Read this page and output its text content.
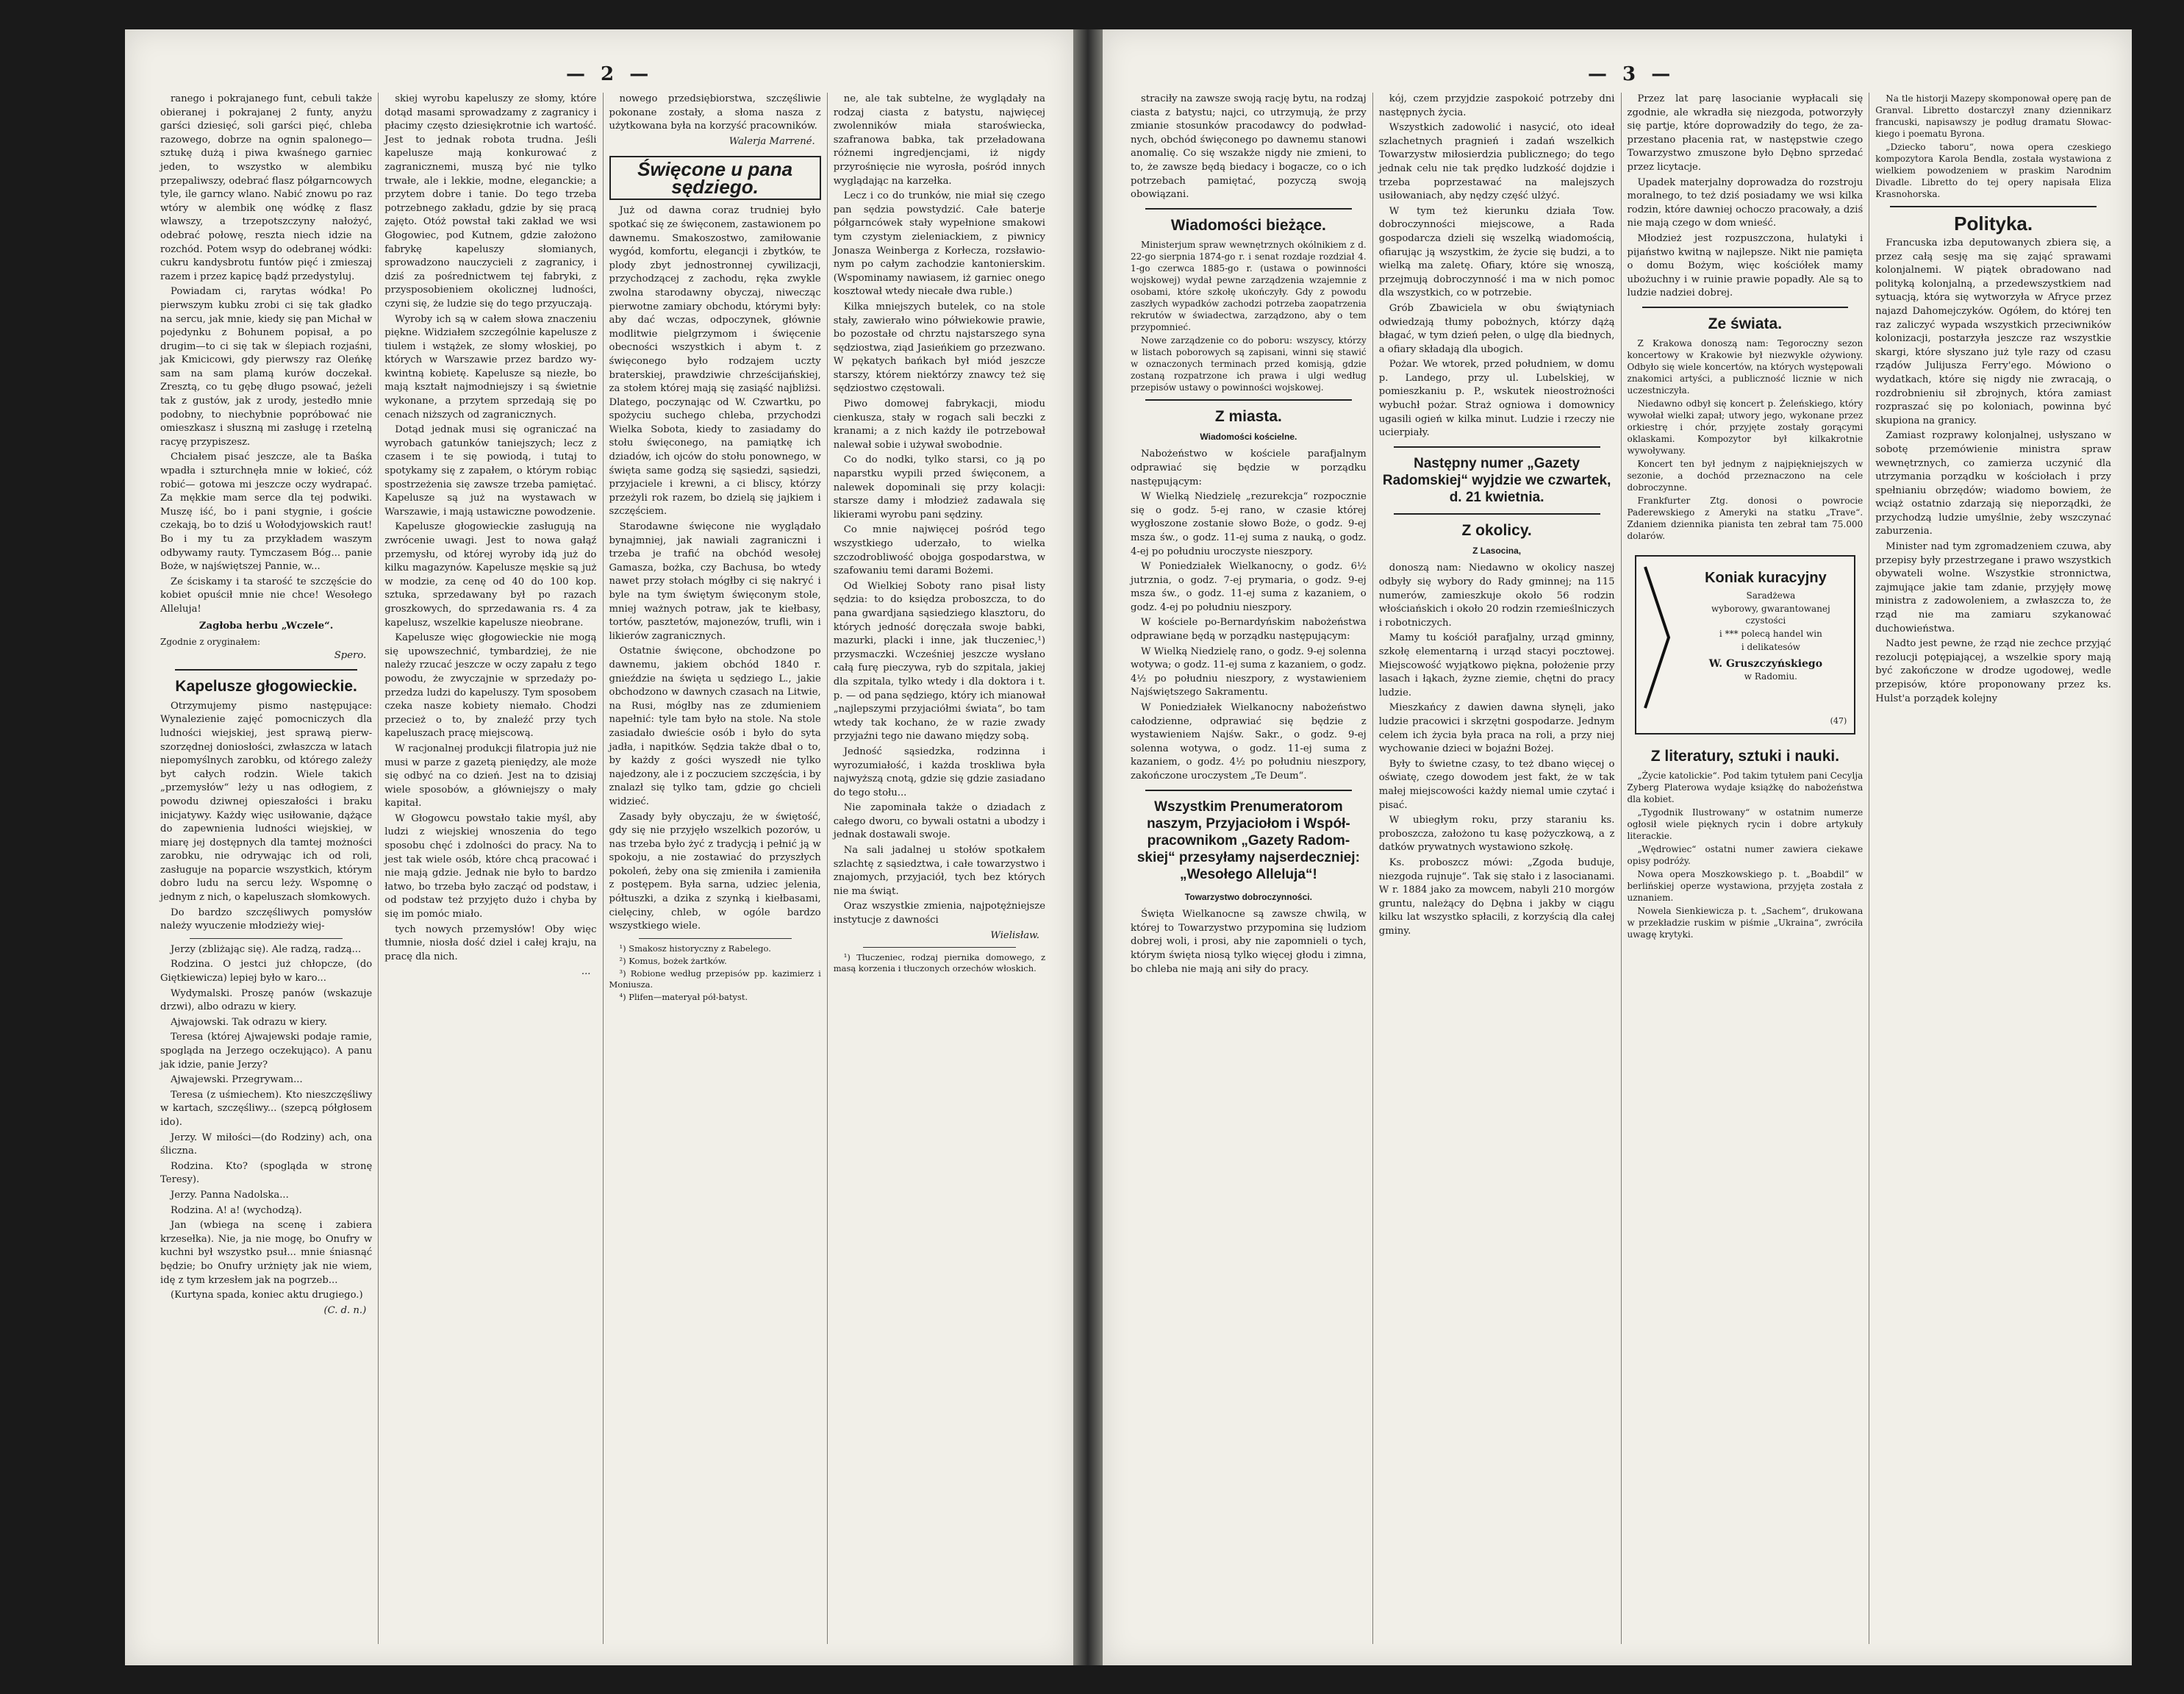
— 2 —

ranego i pokrajanego funt, cebuli także obieranej i pokrajanej 2 funty, anyżu garści dziesięć, soli garści pięć, chleba razowego, dobrze na ognin spalonego—sztukę dużą i piwa kwaśnego garniec jeden, to wszystko w alembiku przepaliwszy, odebrać flasz półgarncowych tyle, ile garncy wlano. Nabić znowu po raz wtóry w alembik onę wódkę z flasz wlawszy, a trzepotszczyny nałożyć, odebrać połowę, reszta niech idzie na rozchód. Potem wsyp do odebranej wódki: cukru kandysbrotu funtów pięć i zmieszaj razem i przez kapicę bądź przedystyluj.

Powiadam ci, rarytas wódka! Po pierwszym kubku zrobi ci się tak gładko na sercu, jak mnie, kiedy się pan Michał w pojedynku z Bohunem popisał, a po drugim—to ci się tak w ślepiach rozjaśni, jak Kmicicowi, gdy pierwszy raz Oleńkę sam na sam plamą kurów doczekał. Zresztą, co tu gębę długo psować, jeżeli tak z gustów, jak z urody, jestedło mnie podobny, to niechybnie popróbować nie omieszkasz i słuszną mi zasługę i rzetelną racyę przypiszesz.

Chciałem pisać jeszcze, ale ta Baśka wpadła i szturchnęła mnie w łokieć, cóż robić— gotowa mi jeszcze oczy wydrapać. Za mękkie mam serce dla tej podwiki. Muszę iść, bo i pani stygnie, i goście czekają, bo to dziś u Wołodyjowskich raut! Bo i my tu za przykładem waszym odbywamy rauty. Tymczasem Bóg... panie Boże, w najświętszej Pannie, w...

Ze ściskamy i ta starość te szczęście do kobiet opuścił mnie nie chce! Wesołego Alleluja!

Zagłoba herbu „Wczele“.
Zgodnie z oryginałem:
Spero.
Kapelusze głogowieckie.

Otrzymujemy pismo następujące: Wynalezienie zajęć pomocniczych dla ludności wiejskiej, jest sprawą pierwszorzędnej doniosłości, zwłaszcza w latach niepomyślnych zarobku, od którego zależy byt całych rodzin. Wiele takich „przemysłów“ leży u nas odłogiem, z powodu dziwnej opieszałości i braku inicjatywy. Każdy więc usiłowanie, dążące do zapewnienia ludności wiejskiej, w miarę jej dostępnych dla tamtej możności zarobku, nie odrywając ich od roli, zasługuje na poparcie wszystkich, którym dobro ludu na sercu leży. Wspomnę o jednym z nich, o kapeluszach słomkowych.

Do bardzo szczęśliwych pomysłów należy wyuczenie młodzieży wiej-

Jerzy (zbliżając się). Ale radzą, radzą...

Rodzina. O jestci już chłopcze, (do Giętkiewicza) lepiej było w karo...

Wydymalski. Proszę panów (wskazuje drzwi), albo odrazu w kiery.

Ajwajowski. Tak odrazu w kiery.

Teresa (której Ajwajewski podaje ramie, spogląda na Jerzego oczekująco). A panu jak idzie, panie Jerzy?

Ajwajewski. Przegrywam...

Teresa (z uśmiechem). Kto nieszczęśliwy w kartach, szczęśliwy... (szepcą półgłosem ido).

Jerzy. W miłości—(do Rodziny) ach, ona śliczna.

Rodzina. Kto? (spogląda w stronę Teresy).

Jerzy. Panna Nadolska...

Rodzina. A! a! (wychodzą).

Jan (wbiega na scenę i zabiera krzesełka). Nie, ja nie mogę, bo Onufry w kuchni był wszystko psuł... mnie śniasnąć będzie; bo Onufry urżnięty jak nie wiem, idę z tym krzesłem jak na pogrzeb...

(Kurtyna spada, koniec aktu drugiego.)

(C. d. n.)

skiej wyrobu kapeluszy ze słomy, które dotąd masami sprowadzamy z zagranicy i płacimy często dziesiękrotnie ich wartość. Jest to jednak robota trudna. Jeśli kapelusze mają konkurować z zagranicznemi, muszą być nie tylko trwałe, ale i lekkie, modne, eleganckie; a przytem dobre i tanie. Do tego trzeba potrzebnego zakładu, gdzie by się pracą zajęto. Otóż powstał taki zakład we wsi Głogowiec, pod Kutnem, gdzie założono fabrykę kapeluszy słomianych, sprowadzono nauczycieli z zagranicy, i dziś za pośrednictwem tej fabryki, z przysposobieniem okolicznej ludności, czyni się, że ludzie się do tego przyuczają.

Wyroby ich są w całem słowa znaczeniu piękne. Widziałem szczególnie kapelusze z tiulem i wstążek, ze słomy włoskiej, po których w Warszawie przez bardzo wykwintną kobietę. Kapelusze są niezłe, bo mają kształt najmodniejszy i są świetnie wykonane, a przytem sprzedają się po cenach niższych od zagranicznych.

Dotąd jednak musi się ograniczać na wyrobach gatunków taniejszych; lecz z czasem i te się powiodą, i tutaj to spotykamy się z zapałem, o którym robiąc spostrzeżenia się zawsze trzeba pamiętać. Kapelusze są już na wystawach w Warszawie, i mają ustawiczne powodzenie.

Kapelusze głogowieckie zasługują na zwrócenie uwagi. Jest to nowa gałąź przemysłu, od której wyroby idą już do kilku magazynów. Kapelusze męskie są już w modzie, za cenę od 40 do 100 kop. sztuka, sprzedawany był po razach groszkowych, do sprzedawania rs. 4 za kapelusz, wszelkie kapelusze nieobrane.

Kapelusze więc głogowieckie nie mogą się upowszechnić, tymbardziej, że nie należy rzucać jeszcze w oczy zapału z tego powodu, że zwyczajnie w sprzedaży poprzedza ludzi do kapeluszy. Tym sposobem czeka nasze kobiety niemało. Chodzi przecież o to, by znaleźć przy tych kapeluszach pracę miejscową.

W racjonalnej produkcji filatropia już nie musi w parze z gazetą pieniędzy, ale może się odbyć na co dzień. Jest na to dzisiaj wiele sposobów, a główniejszy o mały kapitał.

W Głogowcu powstało takie myśl, aby ludzi z wiejskiej wnoszenia do tego sposobu chęć i zdolności do pracy. Na to jest tak wiele osób, które chcą pracować i nie mają gdzie. Jednak nie było to bardzo łatwo, bo trzeba było zacząć od podstaw, i od podstaw też przyjęto dużo i chyba by się im pomóc miało.

tych nowych przemysłów! Oby więc tłumnie, niosła dość dziel i całej kraju, na pracę dla nich.

...

nowego przedsiębiorstwa, szczęśliwie pokonane zostały, a słoma nasza z użytkowana była na korzyść pracowników.

Walerja Marrené.
Święcone u pana sędziego.

Już od dawna coraz trudniej było spotkać się ze święconem, zastawionem po dawnemu. Smakoszostwo, zamiłowanie wygód, komfortu, elegancji i zbytków, te plody zbyt jednostronnej cywilizacji, przychodzącej z zachodu, ręka zwykle zwolna starodawny obyczaj, niwecząc pierwotne zamiary obchodu, którymi były: aby dać wczas, odpoczynek, głównie modlitwie pielgrzymom i święcenie obecności wszystkich i abym t. z święconego było rodzajem uczty braterskiej, prawdziwie chrześcijańskiej, za stołem której mają się zasiąść najbliżsi. Dlatego, poczynając od W. Czwartku, po spożyciu suchego chleba, przychodzi Wielka Sobota, kiedy to zasiadamy do stołu święconego, na pamiątkę ich dziadów, ich ojców do stołu ponownego, w święta same godzą się sąsiedzi, sąsiedzi, przyjaciele i krewni, a ci bliscy, którzy przeżyli rok razem, bo dzielą się jajkiem i szczęściem.

Starodawne święcone nie wyglądało bynajmniej, jak nawiali zagraniczni i trzeba je trafić na obchód wesołej Gamasza, bożka, czy Bachusa, bo wtedy nawet przy stołach mógłby ci się nakryć i byle na tym świętym święconym stole, mniej ważnych potraw, jak te kiełbasy, tortów, pasztetów, majonezów, trufli, win i likierów zagranicznych.

Ostatnie święcone, obchodzone po dawnemu, jakiem obchód 1840 r. gnieździe na święta u sędziego L., jakie obchodzono w dawnych czasach na Litwie, na Rusi, mógłby nas ze zdumieniem napełnić: tyle tam było na stole. Na stole zasiadało dwieście osób i było do syta jadła, i napitków. Sędzia także dbał o to, by każdy z gości wyszedł nie tylko najedzony, ale i z poczuciem szczęścia, i by znalazł się tylko tam, gdzie go chcieli widzieć.

Zasady były obyczaju, że w świętość, gdy się nie przyjęło wszelkich pozorów, u nas trzeba było żyć z tradycją i pełnić ją w spokoju, a nie zostawiać do przyszłych pokoleń, żeby ona się zmieniła i zamieniła z postępem. Była sarna, udziec jelenia, półtuszki, a dzika z szynką i kiełbasami, cielęciny, chleb, w ogóle bardzo wszystkiego wiele.

¹) Smakosz historyczny z Rabelego.

²) Komus, bożek żartków.

³) Robione według przepisów pp. kazimierz i Moniusza.

⁴) Plifen—materyał pół-batyst.

ne, ale tak subtelne, że wyglądały na rodzaj ciasta z batystu, najwięcej zwolenników miała staroświecka, szafranowa babka, tak przeładowana różnemi ingredjencjami, iż nigdy przyrośnięcie nie wyrosła, pośród innych wyglądając na karzełka.

Lecz i co do trunków, nie miał się czego pan sędzia powstydzić. Całe baterje półgarncówek stały wypełnione smakowi tym czystym zieleniackiem, z piwnicy Jonasza Weinberga z Korłecza, rozsławionym po całym zachodzie kantonierskim. (Wspominamy nawiasem, iż garniec onego kosztował wtedy niecałe dwa ruble.)

Kilka mniejszych butelek, co na stole stały, zawierało wino półwiekowie prawie, bo pozostałe od chrztu najstarszego syna sędziostwa, ziąd Jasieńkiem go przezwano. W pękatych bańkach był miód jeszcze starszy, którem niektórzy znawcy też się sędziostwo częstowali.

Piwo domowej fabrykacji, miodu cienkusza, stały w rogach sali beczki z kranami; a z nich każdy ile potrzebował nalewał sobie i używał swobodnie.

Co do nodki, tylko starsi, co ją po naparstku wypili przed święconem, a nalewek dopominali się przy kolacji: starsze damy i młodzież zadawala się likierami wyrobu pani sędziny.

Co mnie najwięcej pośród tego wszystkiego uderzało, to wielka szczodrobliwość obojga gospodarstwa, w szafowaniu temi darami Bożemi.

Od Wielkiej Soboty rano pisał listy sędzia: to do księdza proboszcza, to do pana gwardjana sąsiedziego klasztoru, do których jedność doręczała swoje babki, mazurki, placki i inne, jak tłuczeniec,¹) przysmaczki. Wcześniej jeszcze wysłano całą furę pieczywa, ryb do szpitala, jakiej dla szpitala, tylko wtedy i dla doktora i t. p. — od pana sędziego, który ich mianował „najlepszymi przyjaciółmi świata“, bo tam wtedy tak kochano, że w razie zwady przyjaźni tego nie dawano między sobą.

Jedność sąsiedzka, rodzinna i wyrozumiałość, i każda troskliwa była najwyższą cnotą, gdzie się gdzie zasiadano do tego stołu...

Nie zapominała także o dziadach z całego dworu, co bywali ostatni a ubodzy i jednak dostawali swoje.

Na sali jadalnej u stołów spotkałem szlachtę z sąsiedztwa, i całe towarzystwo i znajomych, przyjaciół, tych bez których nie ma świąt.

Oraz wszystkie zmienia, najpotężniejsze instytucje z dawności

Wielisław.

¹) Tłuczeniec, rodzaj piernika domowego, z masą korzenia i tłuczonych orzechów włoskich.

— 3 —

straciły na zawsze swoją rację bytu, na rodzaj ciasta z batystu; najci, co utrzymują, że przy zmianie stosunków pracodawcy do podwładnych, obchód święconego po dawnemu stanowi anomalię. Co się wszakże nigdy nie zmieni, to to, że zawsze będą biedacy i bogacze, co o ich potrzebach pamiętać, pozyczą swoją obowiązani.

Wiadomości bieżące.

Ministerjum spraw wewnętrznych okólnikiem z d. 22-go sierpnia 1874-go r. i senat rozdaje rozdział 4. 1-go czerwca 1885-go r. (ustawa o powinności wojskowej) wydał pewne zarządzenia wzajemnie z osobami, które szkołę ukończyły. Gdy z powodu zaszłych wypadków zachodzi potrzeba zaopatrzenia rekrutów w świadectwa, zarządzono, aby o tem przypomnieć.

Nowe zarządzenie co do poboru: wszyscy, którzy w listach poborowych są zapisani, winni się stawić w oznaczonych terminach przed komisją, gdzie zostaną rozpatrzone ich prawa i ulgi według przepisów ustawy o powinności wojskowej.

Z miasta.
Wiadomości kościelne.

Nabożeństwo w kościele parafjalnym odprawiać się będzie w porządku następującym:

W Wielką Niedzielę „rezurekcja“ rozpocznie się o godz. 5-ej rano, w czasie której wygłoszone zostanie słowo Boże, o godz. 9-ej msza św., o godz. 11-ej suma z nauką, o godz. 4-ej po południu uroczyste nieszpory.

W Poniedziałek Wielkanocny, o godz. 6½ jutrznia, o godz. 7-ej prymaria, o godz. 9-ej msza św., o godz. 11-ej suma z kazaniem, o godz. 4-ej po południu nieszpory.

W kościele po-Bernardyńskim nabożeństwa odprawiane będą w porządku następującym:

W Wielką Niedzielę rano, o godz. 9-ej solenna wotywa; o godz. 11-ej suma z kazaniem, o godz. 4½ po południu nieszpory, z wystawieniem Najświętszego Sakramentu.

W Poniedziałek Wielkanocny nabożeństwo całodzienne, odprawiać się będzie z wystawieniem Najśw. Sakr., o godz. 9-ej solenna wotywa, o godz. 11-ej suma z kazaniem, o godz. 4½ po południu nieszpory, zakończone uroczystem „Te Deum“.

Wszystkim Prenumeratorom naszym, Przyjaciołom i Współpracownikom „Gazety Radomskiej“ przesyłamy najserdeczniej: „Wesołego Alleluja“!
Towarzystwo dobroczynności.

Święta Wielkanocne są zawsze chwilą, w której to Towarzystwo przypomina się ludziom dobrej woli, i prosi, aby nie zapomnieli o tych, którym święta niosą tylko więcej głodu i zimna, bo chleba nie mają ani siły do pracy.

kój, czem przyjdzie zaspokoić potrzeby dni następnych życia.

Wszystkich zadowolić i nasycić, oto ideał szlachetnych pragnień i zadań wszelkich Towarzystw miłosierdzia publicznego; do tego jednak celu nie tak prędko ludzkość dojdzie i trzeba poprzestawać na malejszych usiłowaniach, aby nędzy część ulżyć.

W tym też kierunku działa Tow. dobroczynności miejscowe, a Rada gospodarcza dzieli się wszelką wiadomością, ofiarując ją wszystkim, że życie się budzi, a to wielką ma zaletę. Ofiary, które się wnoszą, przejmują dobroczynność i ma w nich pomoc dla wszystkich, co w potrzebie.

Grób Zbawiciela w obu świątyniach odwiedzają tłumy pobożnych, którzy dążą błagać, w tym dzień pełen, o ulgę dla biednych, a ofiary składają dla ubogich.

Pożar. We wtorek, przed południem, w domu p. Landego, przy ul. Lubelskiej, w pomieszkaniu p. P., wskutek nieostrożności wybuchł pożar. Straż ogniowa i domownicy ugasili ogień w kilka minut. Ludzie i rzeczy nie ucierpiały.

Następny numer „Gazety Radomskiej“ wyjdzie we czwartek, d. 21 kwietnia.
Z okolicy.
Z Lasocina,

donoszą nam: Niedawno w okolicy naszej odbyły się wybory do Rady gminnej; na 115 numerów, zamieszkuje około 56 rodzin włościańskich i około 20 rodzin rzemieślniczych i robotniczych.

Mamy tu kościół parafjalny, urząd gminny, szkołę elementarną i urząd stacyi pocztowej. Miejscowość wyjątkowo piękna, położenie przy lasach i łąkach, żyzne ziemie, chętni do pracy ludzie.

Mieszkańcy z dawien dawna słynęli, jako ludzie pracowici i skrzętni gospodarze. Jednym celem ich życia była praca na roli, a przy niej wychowanie dzieci w bojaźni Bożej.

Były to świetne czasy, to też dbano więcej o oświatę, czego dowodem jest fakt, że w tak małej miejscowości każdy niemal umie czytać i pisać.

W ubiegłym roku, przy staraniu ks. proboszcza, założono tu kasę pożyczkową, a z datków prywatnych wystawiono szkołę.

Ks. proboszcz mówi: „Zgoda buduje, niezgoda rujnuje“. Tak się stało i z lasocianami. W r. 1884 jako za mowcem, nabyli 210 morgów gruntu, należący do Dębna i jakby w ciągu kilku lat wszystko spłacili, z korzyścią dla całej gminy.

Przez lat parę lasocianie wypłacali się zgodnie, ale wkradła się niezgoda, potworzyły się partje, które doprowadziły do tego, że zaprzestano płacenia rat, w następstwie czego Towarzystwo zmuszone było Dębno sprzedać przez licytacje.

Upadek materjalny doprowadza do rozstroju moralnego, to też dziś posiadamy we wsi kilka rodzin, które dawniej ochoczo pracowały, a dziś nie mają czego w dom wnieść.

Młodzież jest rozpuszczona, hulatyki i pijaństwo kwitną w najlepsze. Nikt nie pamięta o domu Bożym, więc kościółek mamy ubożuchny i w ruinie prawie popadły. Ale są to ludzie nadziei dobrej.

Ze świata.

Z Krakowa donoszą nam: Tegoroczny sezon koncertowy w Krakowie był niezwykle ożywiony. Odbyło się wiele koncertów, na których występowali znakomici artyści, a publiczność licznie w nich uczestniczyła.

Niedawno odbył się koncert p. Żeleńskiego, który wywołał wielki zapał; utwory jego, wykonane przez orkiestrę i chór, przyjęte zostały gorącymi oklaskami. Kompozytor był kilkakrotnie wywoływany.

Koncert ten był jednym z najpiękniejszych w sezonie, a dochód przeznaczono na cele dobroczynne.

Frankfurter Ztg. donosi o powrocie Paderewskiego z Ameryki na statku „Trave“. Zdaniem dziennika pianista ten zebrał tam 75.000 dolarów.

Koniak kuracyjny

Saradżewa

wyborowy, gwarantowanej czystości

i *** polecą handel win

i delikatesów

W. Gruszczyńskiego

w Radomiu.

(47)
Z literatury, sztuki i nauki.

„Życie katolickie“. Pod takim tytułem pani Cecylja Zyberg Platerowa wydaje książkę do nabożeństwa dla kobiet.

„Tygodnik Ilustrowany“ w ostatnim numerze ogłosił wiele pięknych rycin i dobre artykuły literackie.

„Wędrowiec“ ostatni numer zawiera ciekawe opisy podróży.

Nowa opera Moszkowskiego p. t. „Boabdil“ w berlińskiej operze wystawiona, przyjęta została z uznaniem.

Nowela Sienkiewicza p. t. „Sachem“, drukowana w przekładzie ruskim w piśmie „Ukraina“, zwróciła uwagę krytyki.

Na tle historji Mazepy skomponował operę pan de Granval. Libretto dostarczył znany dziennikarz francuski, napisawszy je podług dramatu Słowackiego i poematu Byrona.

„Dziecko taboru“, nowa opera czeskiego kompozytora Karola Bendla, została wystawiona z wielkiem powodzeniem w praskim Narodnim Divadle. Libretto do tej opery napisała Eliza Krasnohorska.

Polityka.

Francuska izba deputowanych zbiera się, a przez całą sesję ma się zająć sprawami kolonjalnemi. W piątek obradowano nad polityką kolonjalną, a przedewszystkiem nad sytuacją, która się wytworzyła w Afryce przez najazd Dahomejczyków. Ogółem, do której ten raz zaliczyć wypada wszystkich przeciwników kolonizacji, postarzyła jeszcze raz wszystkie skargi, które słyszano już tyle razy od czasu rządów Julijusza Ferry'ego. Mówiono o wydatkach, które się nigdy nie zwracają, o rozdrobnieniu sił zbrojnych, która zamiast rozpraszać się po koloniach, powinna być skupiona na granicy.

Zamiast rozprawy kolonjalnej, usłyszano w sobotę przemówienie ministra spraw wewnętrznych, co zamierza uczynić dla utrzymania porządku w kościołach i przy spełnianiu obrzędów; wiadomo bowiem, że wciąż ostatnio zdarzają się nieporządki, że przychodzą ludzie umyślnie, żeby wszczynać zaburzenia.

Minister nad tym zgromadzeniem czuwa, aby przepisy były przestrzegane i prawo wszystkich obywateli wolne. Wszystkie stronnictwa, zajmujące jakie tam zdanie, przyjęły mowę ministra z zadowoleniem, a zwłaszcza to, że rząd nie ma zamiaru szykanować duchowieństwa.

Nadto jest pewne, że rząd nie zechce przyjąć rezolucji potępiającej, a wszelkie spory mają być zakończone w drodze ugodowej, wedle przepisów, które proponowany przez ks. Hulst'a porządek kolejny
